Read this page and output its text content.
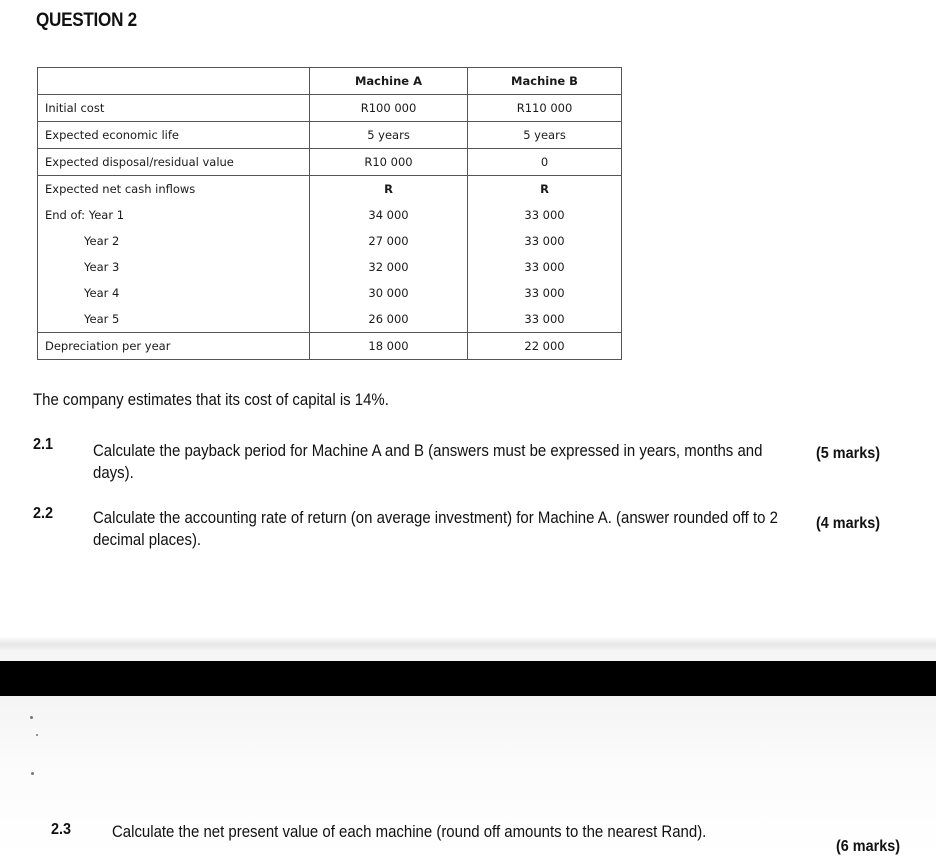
QUESTION 2
	Machine A	Machine B
Initial cost	R100 000	R110 000
Expected economic life	5 years	5 years
Expected disposal/residual value	R10 000	0
Expected net cash inflows	R	R
End of: Year 1	34 000	33 000
Year 2	27 000	33 000
Year 3	32 000	33 000
Year 4	30 000	33 000
Year 5	26 000	33 000
Depreciation per year	18 000	22 000
The company estimates that its cost of capital is 14%.
2.1 Calculate the payback period for Machine A and B (answers must be expressed in years, months and days).
(5 marks)
2.2 Calculate the accounting rate of return (on average investment) for Machine A. (answer rounded off to 2 decimal places).
(4 marks)
2.3 Calculate the net present value of each machine (round off amounts to the nearest Rand).
(6 marks)
